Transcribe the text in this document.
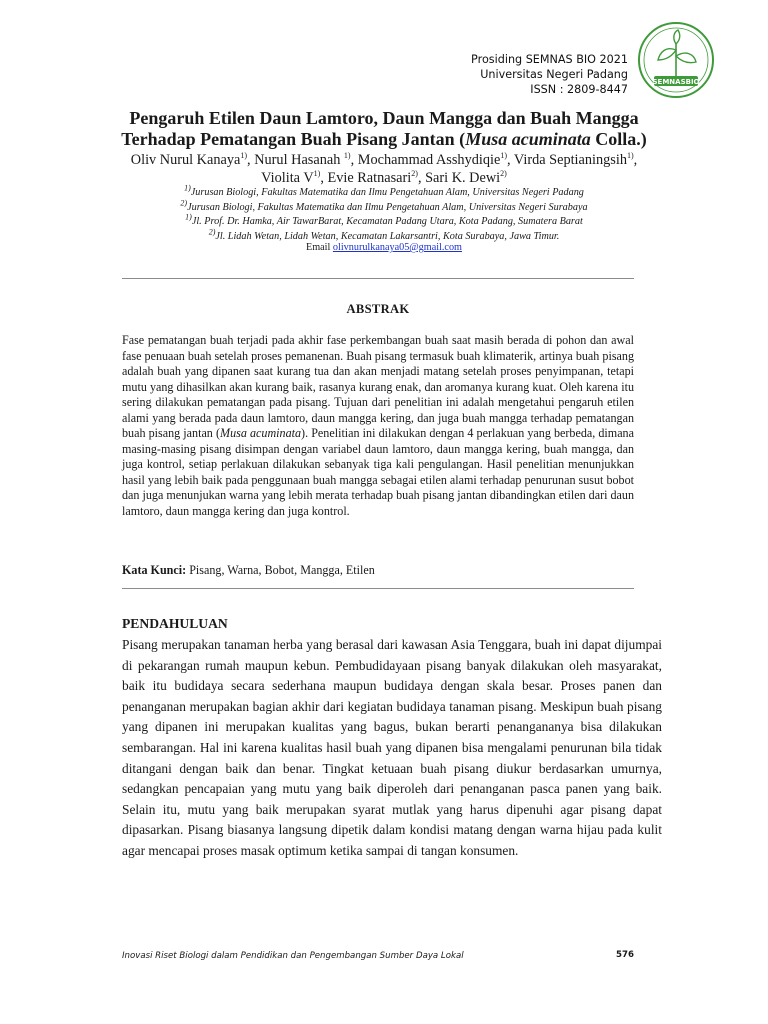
Prosiding SEMNAS BIO 2021
Universitas Negeri Padang
ISSN : 2809-8447
SEMNASBIO
Pengaruh Etilen Daun Lamtoro, Daun Mangga dan Buah Mangga
Terhadap Pematangan Buah Pisang Jantan (Musa acuminata Colla.)
Oliv Nurul Kanaya$^{1)}$, Nurul Hasanah $^{1)}$, Mochammad Asshydiqie$^{1)}$, Virda Septianingsih$^{1)}$,
Violita $V^{1)}$, Evie Ratnasari$^{2)}$, Sari K. Dewi$^{2)}$
$^{1)}$Jurusan Biologi, Fakultas Matematika dan Ilmu Pengetahuan Alam, Universitas Negeri Padang
$^{2)}$Jurusan Biologi, Fakultas Matematika dan Ilmu Pengetahuan Alam, Universitas Negeri Surabaya
$^{1)}$Jl. Prof. Dr. Hamka, Air TawarBarat, Kecamatan Padang Utara, Kota Padang, Sumatera Barat
$^{2)}$Jl. Lidah Wetan, Lidah Wetan, Kecamatan Lakarsantri, Kota Surabaya, Jawa Timur.
Email olivnurulkanaya05@gmail.com
ABSTRAK
Fase pematangan buah terjadi pada akhir fase perkembangan buah saat masih berada di pohon dan awal fase penuaan buah setelah proses pemanenan. Buah pisang termasuk buah klimaterik, artinya buah pisang adalah buah yang dipanen saat kurang tua dan akan menjadi matang setelah proses penyimpanan, tetapi mutu yang dihasilkan akan kurang baik, rasanya kurang enak, dan aromanya kurang kuat. Oleh karena itu sering dilakukan pematangan pada pisang. Tujuan dari penelitian ini adalah mengetahui pengaruh etilen alami yang berada pada daun lamtoro, daun mangga kering, dan juga buah mangga terhadap pematangan buah pisang jantan (Musa acuminata). Penelitian ini dilakukan dengan 4 perlakuan yang berbeda, dimana masing-masing pisang disimpan dengan variabel daun lamtoro, daun mangga kering, buah mangga, dan juga kontrol, setiap perlakuan dilakukan sebanyak tiga kali pengulangan. Hasil penelitian menunjukkan hasil yang lebih baik pada penggunaan buah mangga sebagai etilen alami terhadap penurunan susut bobot dan juga menunjukan warna yang lebih merata terhadap buah pisang jantan dibandingkan etilen dari daun lamtoro, daun mangga kering dan juga kontrol.
Kata Kunci: Pisang, Warna, Bobot, Mangga, Etilen
PENDAHULUAN
Pisang merupakan tanaman herba yang berasal dari kawasan Asia Tenggara, buah ini dapat dijumpai di pekarangan rumah maupun kebun. Pembudidayaan pisang banyak dilakukan oleh masyarakat, baik itu budidaya secara sederhana maupun budidaya dengan skala besar. Proses panen dan penanganan merupakan bagian akhir dari kegiatan budidaya tanaman pisang. Meskipun buah pisang yang dipanen ini merupakan kualitas yang bagus, bukan berarti penangananya bisa dilakukan sembarangan. Hal ini karena kualitas hasil buah yang dipanen bisa mengalami penurunan bila tidak ditangani dengan baik dan benar. Tingkat ketuaan buah pisang diukur berdasarkan umurnya, sedangkan pencapaian yang mutu yang baik diperoleh dari penanganan pasca panen yang baik. Selain itu, mutu yang baik merupakan syarat mutlak yang harus dipenuhi agar pisang dapat dipasarkan. Pisang biasanya langsung dipetik dalam kondisi matang dengan warna hijau pada kulit agar mencapai proses masak optimum ketika sampai di tangan konsumen.
Inovasi Riset Biologi dalam Pendidikan dan Pengembangan Sumber Daya Lokal	576
